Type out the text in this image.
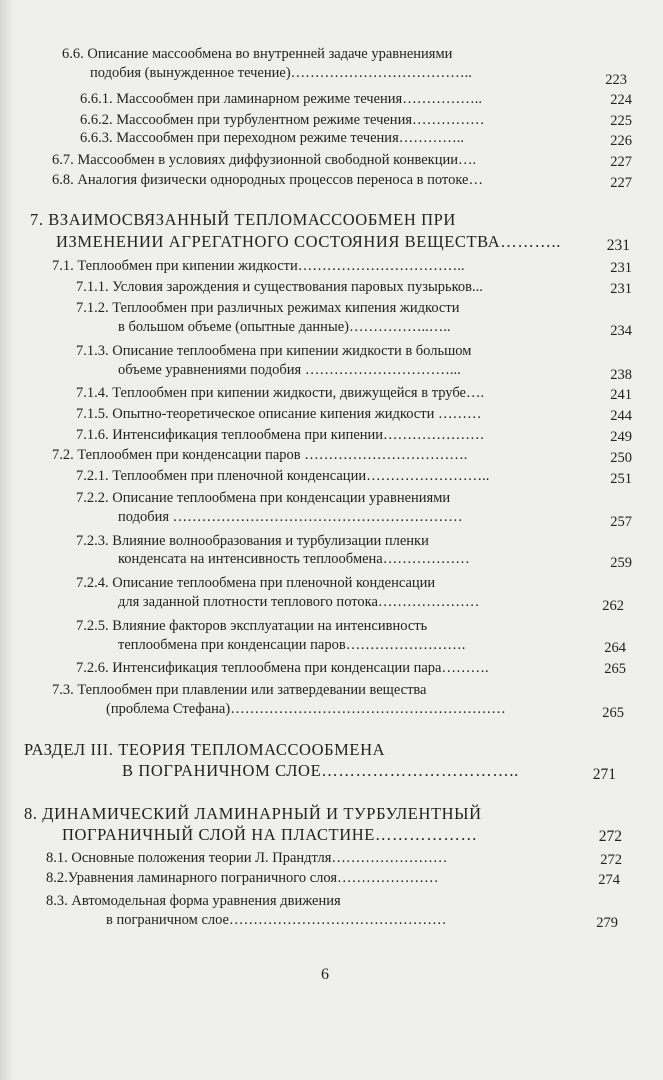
6.6. Описание массообмена во внутренней задаче уравнениями
подобия (вынужденное течение)………………………………..	223
6.6.1. Массообмен при ламинарном режиме течения……………..	224
6.6.2. Массообмен при турбулентном режиме течения……………	225
6.6.3. Массообмен при переходном режиме течения…………..	226
6.7. Массообмен в условиях диффузионной свободной конвекции….	227
6.8. Аналогия физически однородных процессов переноса в потоке…	227
7. ВЗАИМОСВЯЗАННЫЙ ТЕПЛОМАССООБМЕН ПРИ
ИЗМЕНЕНИИ АГРЕГАТНОГО СОСТОЯНИЯ ВЕЩЕСТВА………..	231
7.1. Теплообмен при кипении жидкости……………………………..	231
7.1.1. Условия зарождения и существования паровых пузырьков...	231
7.1.2. Теплообмен при различных режимах кипения жидкости
в большом объеме (опытные данные)……………..…..	234
7.1.3. Описание теплообмена при кипении жидкости в большом
объеме уравнениями подобия …………………………...	238
7.1.4. Теплообмен при кипении жидкости, движущейся в трубе….	241
7.1.5. Опытно-теоретическое описание кипения жидкости ………	244
7.1.6. Интенсификация теплообмена при кипении…………………	249
7.2. Теплообмен при конденсации паров …………………………….	250
7.2.1. Теплообмен при пленочной конденсации……………………..	251
7.2.2. Описание теплообмена при конденсации уравнениями
подобия ……………………………………………………	257
7.2.3. Влияние волнообразования и турбулизации пленки
конденсата на интенсивность теплообмена………………	259
7.2.4. Описание теплообмена при пленочной конденсации
для заданной плотности теплового потока…………………	262
7.2.5. Влияние факторов эксплуатации на интенсивность
теплообмена при конденсации паров…………………….	264
7.2.6. Интенсификация теплообмена при конденсации пара……….	265
7.3. Теплообмен при плавлении или затвердевании вещества
(проблема Стефана)…………………………………………………	265
РАЗДЕЛ III. ТЕОРИЯ ТЕПЛОМАССООБМЕНА
В ПОГРАНИЧНОМ СЛОЕ……………………………..	271
8. ДИНАМИЧЕСКИЙ ЛАМИНАРНЫЙ И ТУРБУЛЕНТНЫЙ
ПОГРАНИЧНЫЙ СЛОЙ НА ПЛАСТИНЕ………………	272
8.1. Основные положения теории Л. Прандтля……………………	272
8.2.Уравнения ламинарного пограничного слоя…………………	274
8.3. Автомодельная форма уравнения движения
в пограничном слое………………………………………	279
6
